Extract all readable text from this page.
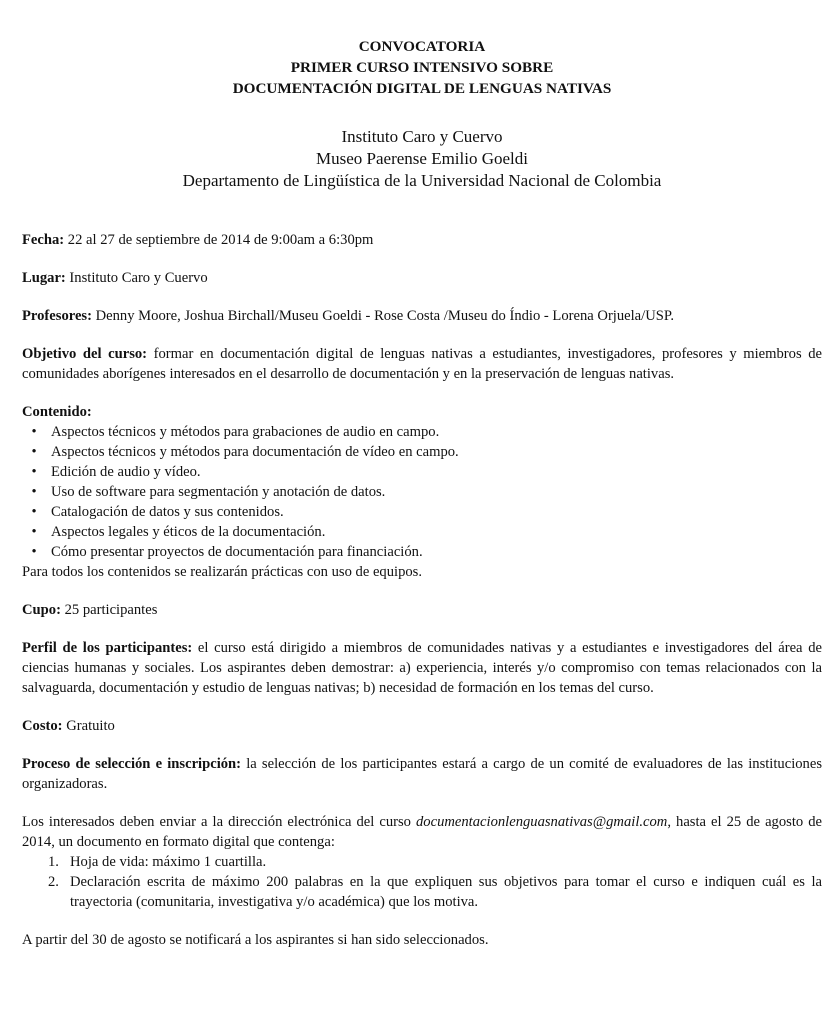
CONVOCATORIA
PRIMER CURSO INTENSIVO SOBRE
DOCUMENTACIÓN DIGITAL DE LENGUAS NATIVAS
Instituto Caro y Cuervo
Museo Paerense Emilio Goeldi
Departamento de Lingüística de la Universidad Nacional de Colombia

Fecha: 22 al 27 de septiembre de 2014 de 9:00am a 6:30pm

Lugar: Instituto Caro y Cuervo

Profesores: Denny Moore, Joshua Birchall/Museu Goeldi - Rose Costa /Museu do Índio - Lorena Orjuela/USP.

Objetivo del curso: formar en documentación digital de lenguas nativas a estudiantes, investigadores, profesores y miembros de comunidades aborígenes interesados en el desarrollo de documentación y en la preservación de lenguas nativas.

Contenido:

• Aspectos técnicos y métodos para grabaciones de audio en campo.
• Aspectos técnicos y métodos para documentación de vídeo en campo.
• Edición de audio y vídeo.
• Uso de software para segmentación y anotación de datos.
• Catalogación de datos y sus contenidos.
• Aspectos legales y éticos de la documentación.
• Cómo presentar proyectos de documentación para financiación.

Para todos los contenidos se realizarán prácticas con uso de equipos.

Cupo: 25 participantes

Perfil de los participantes: el curso está dirigido a miembros de comunidades nativas y a estudiantes e investigadores del área de ciencias humanas y sociales. Los aspirantes deben demostrar: a) experiencia, interés y/o compromiso con temas relacionados con la salvaguarda, documentación y estudio de lenguas nativas; b) necesidad de formación en los temas del curso.

Costo: Gratuito

Proceso de selección e inscripción: la selección de los participantes estará a cargo de un comité de evaluadores de las instituciones organizadoras.

Los interesados deben enviar a la dirección electrónica del curso documentacionlenguasnativas@gmail.com, hasta el 25 de agosto de 2014, un documento en formato digital que contenga:

1. Hoja de vida: máximo 1 cuartilla.
2. Declaración escrita de máximo 200 palabras en la que expliquen sus objetivos para tomar el curso e indiquen cuál es la trayectoria (comunitaria, investigativa y/o académica) que los motiva.

A partir del 30 de agosto se notificará a los aspirantes si han sido seleccionados.
